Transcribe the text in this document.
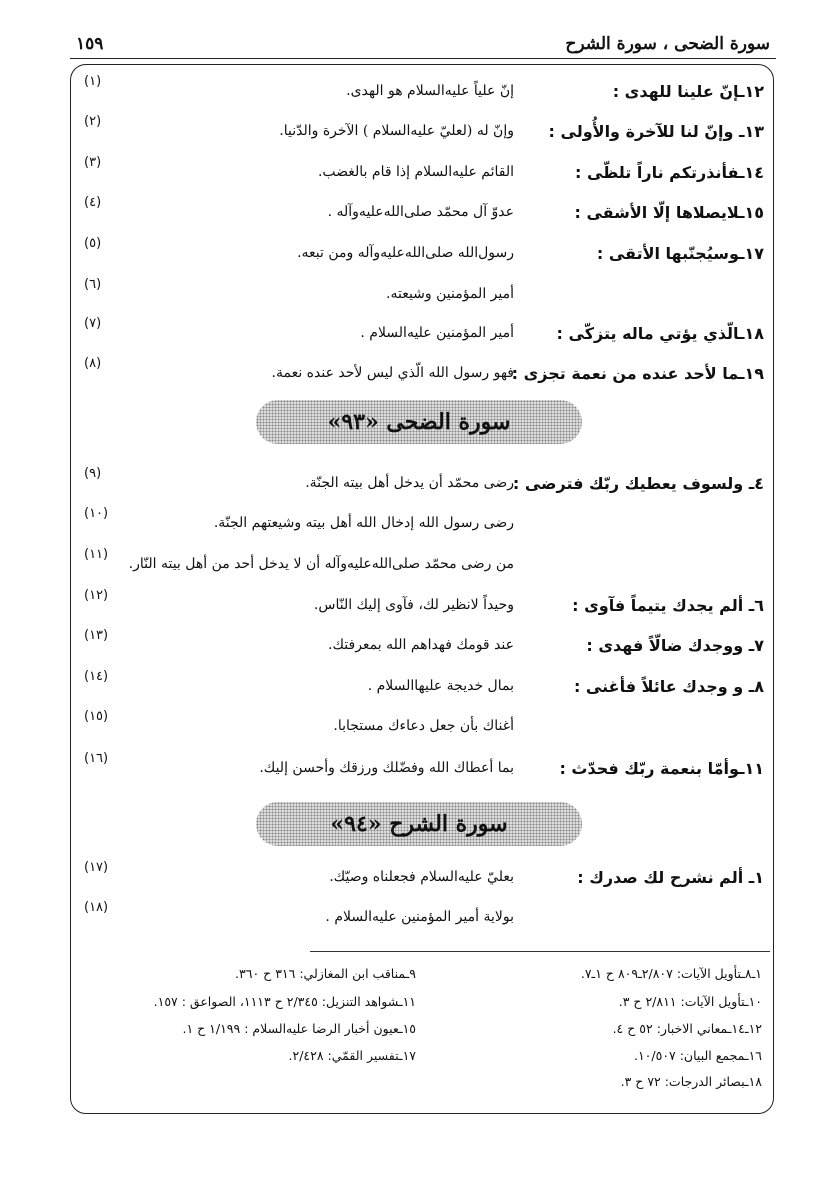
سورة الضحى ، سورة الشرح
١٥٩
١٢ـإنّ علينا للهدى :
إنّ علياً عليه‌السلام هو الهدى.
(١)
١٣ـ وإنّ لنا للآخرة والأُولى :
وإنّ له (لعليّ عليه‌السلام ) الآخرة والدّنيا.
(٢)
١٤ـفأنذرتكم ناراً تلظّى :
القائم عليه‌السلام إذا قام بالغضب.
(٣)
١٥ـلايصلاها إلّا الأشقى :
عدوّ آل محمّد صلى‌الله‌عليه‌وآله .
(٤)
١٧ـوسيُجنّبها الأتقى :
رسول‌الله صلى‌الله‌عليه‌وآله ومن تبعه.
(٥)
أمير المؤمنين وشيعته.
(٦)
١٨ـالّذي يؤتي ماله يتزكّى :
أمير المؤمنين عليه‌السلام .
(٧)
١٩ـما لأحد عنده من نعمة تجزى :
فهو رسول الله الّذي ليس لأحد عنده نعمة.
(٨)
سورة الضحى «٩٣»
٤ـ ولسوف يعطيك ربّك فترضى :
رضى محمّد أن يدخل أهل بيته الجنّة.
(٩)
رضى رسول الله إدخال الله أهل بيته وشيعتهم الجنّة.
(١٠)
من رضى محمّد صلى‌الله‌عليه‌وآله أن لا يدخل أحد من أهل بيته النّار.
(١١)
٦ـ ألم يجدك يتيماً فآوى :
وحيداً لانظير لك، فآوى إليك النّاس.
(١٢)
٧ـ ووجدك ضالّاً فهدى :
عند قومك فهداهم الله بمعرفتك.
(١٣)
٨ـ و وجدك عائلاً فأغنى :
بمال خديجة عليها‌السلام .
(١٤)
أغناك بأن جعل دعاءك مستجابا.
(١٥)
١١ـوأمّا بنعمة ربّك فحدّث :
بما أعطاك الله وفضّلك ورزقك وأحسن إليك.
(١٦)
سورة الشرح «٩٤»
١ـ ألم نشرح لك صدرك :
بعليّ عليه‌السلام فجعلناه وصيّك.
(١٧)
بولاية أمير المؤمنين عليه‌السلام .
(١٨)
١ـ٨ـتأويل الآيات: ٢/٨٠٧ـ٨٠٩ ح ١ـ٧.
١٠ـتأويل الآيات: ٢/٨١١ ح ٣.
١٢ـ١٤ـمعاني الاخبار: ٥٢ ح ٤.
١٦ـمجمع البيان: ١٠/٥٠٧.
١٨ـبصائر الدرجات: ٧٢ ح ٣.
٩ـمناقب ابن المغازلي: ٣١٦ ح ٣٦٠.
١١ـشواهد التنزيل: ٢/٣٤٥ ح ١١١٣، الصواعق : ١٥٧.
١٥ـعيون أخبار الرضا عليه‌السلام : ١/١٩٩ ح ١.
١٧ـتفسير القمّي: ٢/٤٢٨.
